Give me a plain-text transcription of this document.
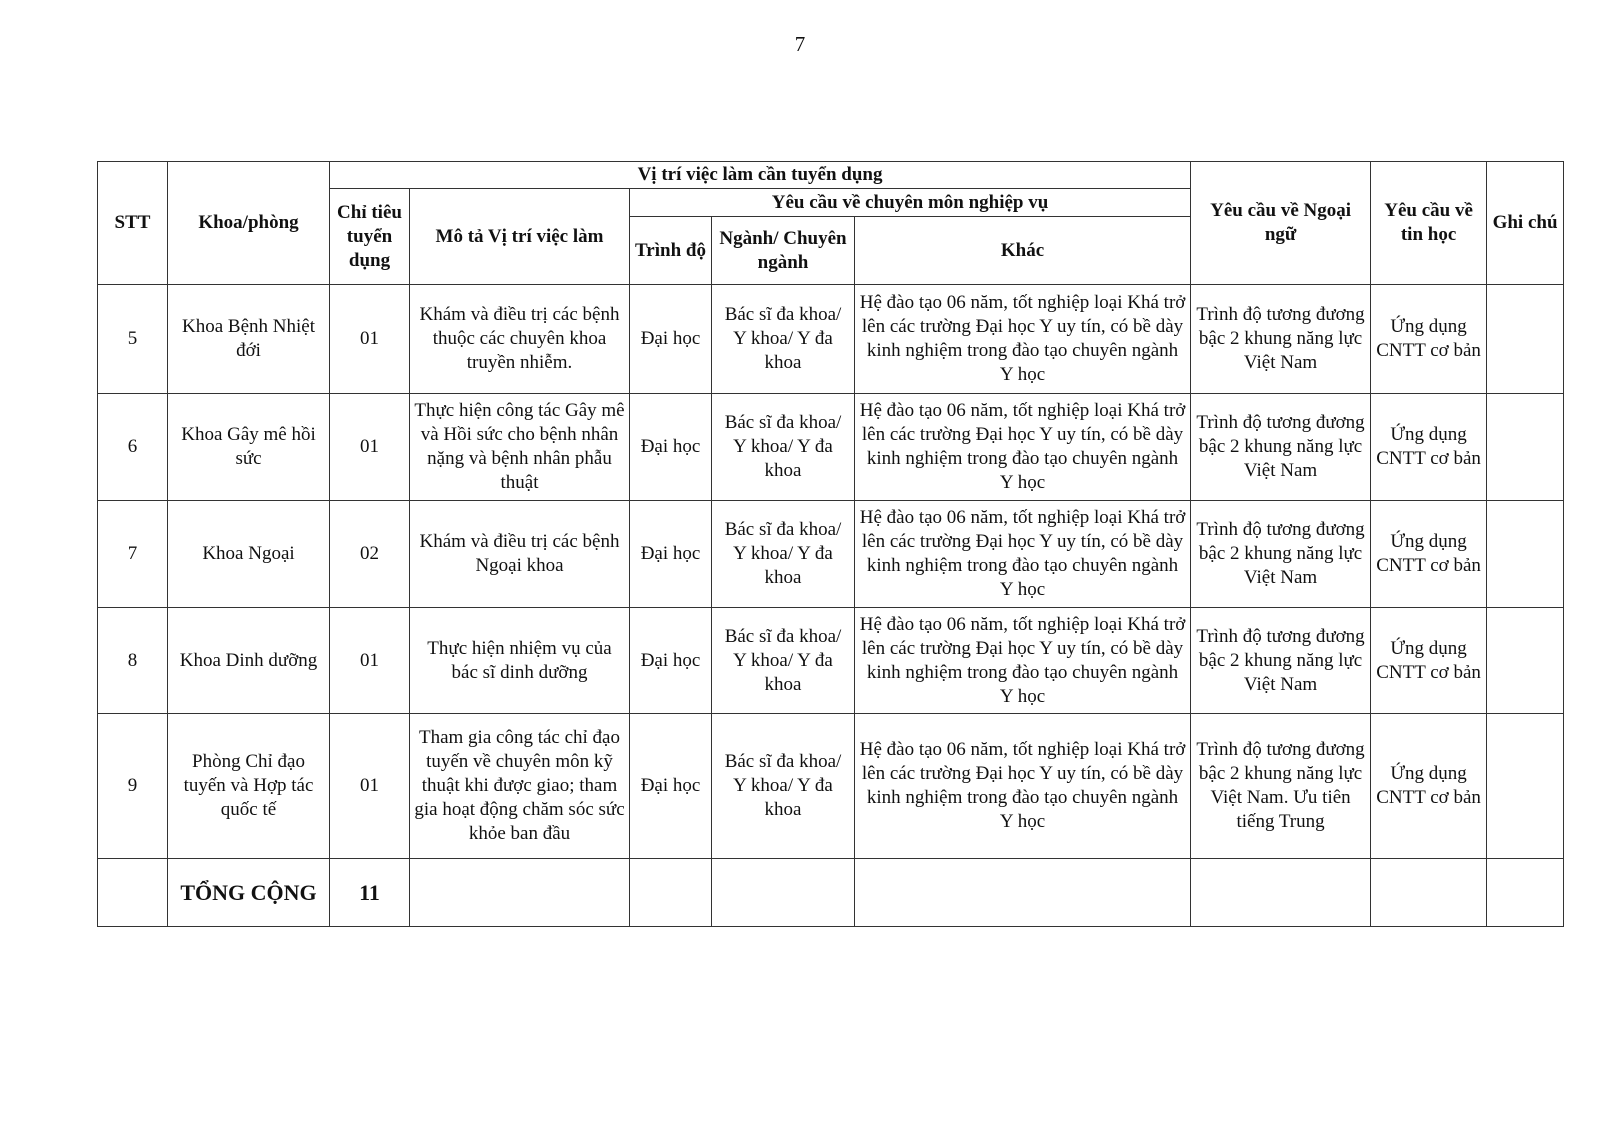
7
STT	Khoa/phòng	Vị trí việc làm cần tuyển dụng					Yêu cầu về Ngoại ngữ	Yêu cầu về tin học	Ghi chú
		Chỉ tiêu tuyển dụng	Mô tả Vị trí việc làm	Yêu cầu về chuyên môn nghiệp vụ					
				Trình độ	Ngành/ Chuyên ngành	Khác			
5	Khoa Bệnh Nhiệt đới	01	Khám và điều trị các bệnh thuộc các chuyên khoa truyền nhiễm.	Đại học	Bác sĩ đa khoa/ Y khoa/ Y đa khoa	Hệ đào tạo 06 năm, tốt nghiệp loại Khá trở lên các trường Đại học Y uy tín, có bề dày kinh nghiệm trong đào tạo chuyên ngành Y học	Trình độ tương đương bậc 2 khung năng lực Việt Nam	Ứng dụng CNTT cơ bản	
6	Khoa Gây mê hồi sức	01	Thực hiện công tác Gây mê và Hồi sức cho bệnh nhân nặng và bệnh nhân phẫu thuật	Đại học	Bác sĩ đa khoa/ Y khoa/ Y đa khoa	Hệ đào tạo 06 năm, tốt nghiệp loại Khá trở lên các trường Đại học Y uy tín, có bề dày kinh nghiệm trong đào tạo chuyên ngành Y học	Trình độ tương đương bậc 2 khung năng lực Việt Nam	Ứng dụng CNTT cơ bản	
7	Khoa Ngoại	02	Khám và điều trị các bệnh Ngoại khoa	Đại học	Bác sĩ đa khoa/ Y khoa/ Y đa khoa	Hệ đào tạo 06 năm, tốt nghiệp loại Khá trở lên các trường Đại học Y uy tín, có bề dày kinh nghiệm trong đào tạo chuyên ngành Y học	Trình độ tương đương bậc 2 khung năng lực Việt Nam	Ứng dụng CNTT cơ bản	
8	Khoa Dinh dưỡng	01	Thực hiện nhiệm vụ của bác sĩ dinh dưỡng	Đại học	Bác sĩ đa khoa/ Y khoa/ Y đa khoa	Hệ đào tạo 06 năm, tốt nghiệp loại Khá trở lên các trường Đại học Y uy tín, có bề dày kinh nghiệm trong đào tạo chuyên ngành Y học	Trình độ tương đương bậc 2 khung năng lực Việt Nam	Ứng dụng CNTT cơ bản	
9	Phòng Chỉ đạo tuyến và Hợp tác quốc tế	01	Tham gia công tác chỉ đạo tuyến về chuyên môn kỹ thuật khi được giao; tham gia hoạt động chăm sóc sức khỏe ban đầu	Đại học	Bác sĩ đa khoa/ Y khoa/ Y đa khoa	Hệ đào tạo 06 năm, tốt nghiệp loại Khá trở lên các trường Đại học Y uy tín, có bề dày kinh nghiệm trong đào tạo chuyên ngành Y học	Trình độ tương đương bậc 2 khung năng lực Việt Nam. Ưu tiên tiếng Trung	Ứng dụng CNTT cơ bản	
	TỔNG CỘNG	11							
